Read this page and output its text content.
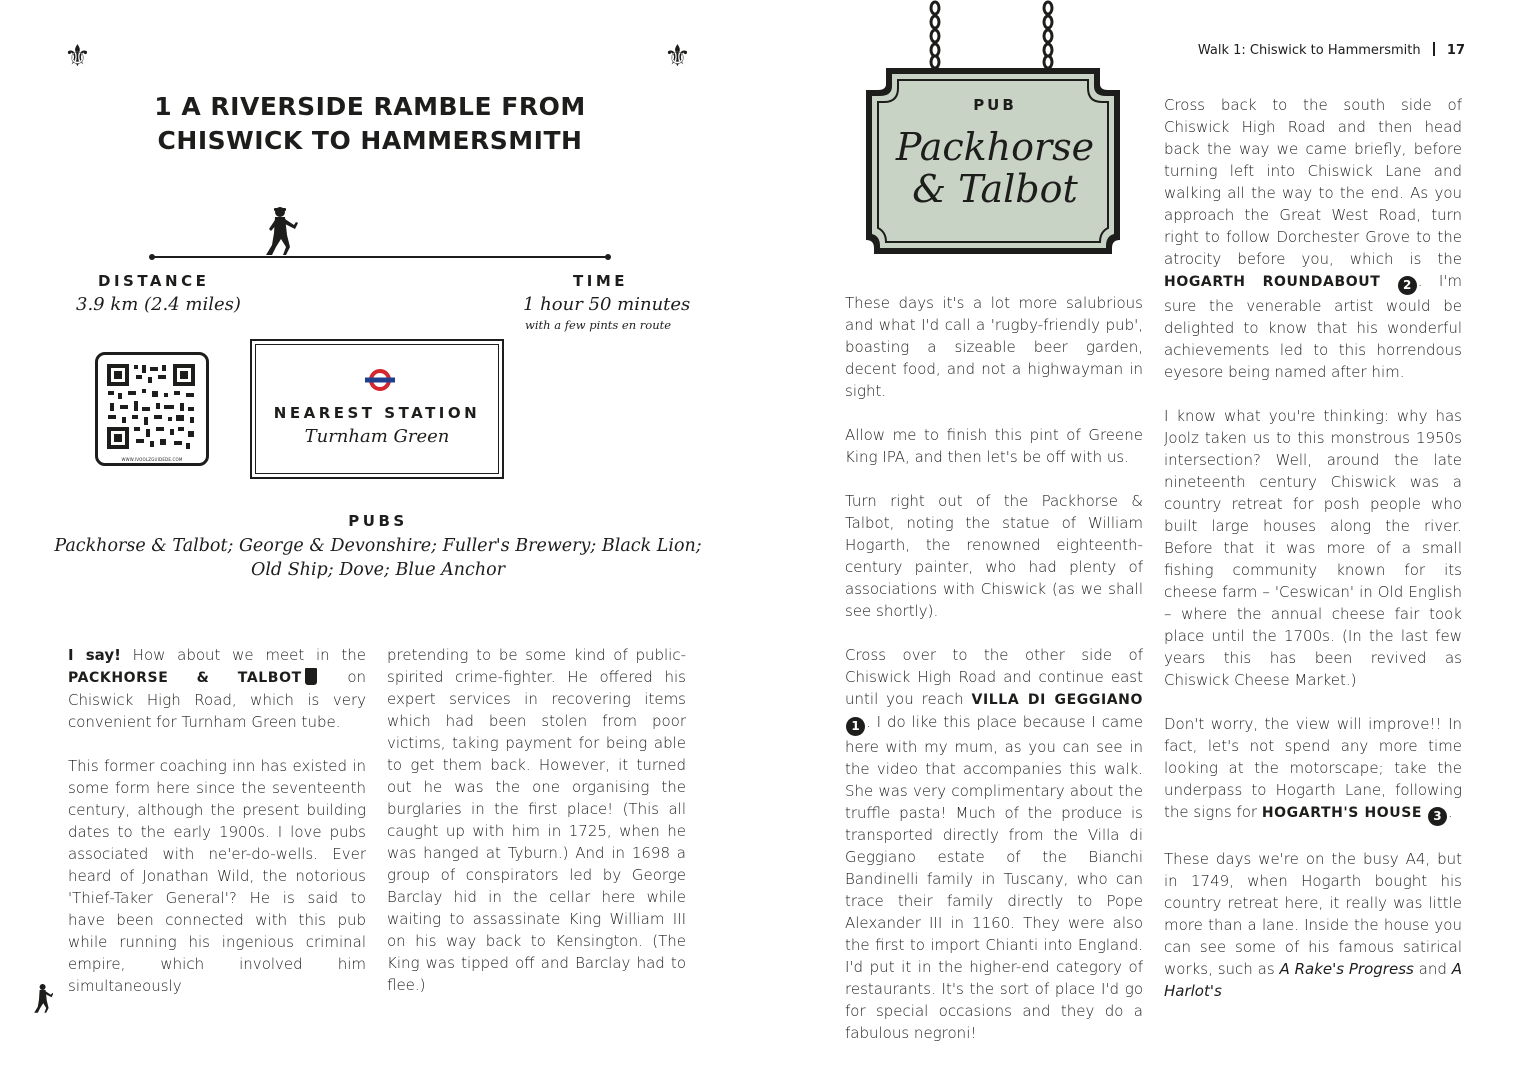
⚜	⚜
1 A RIVERSIDE RAMBLE FROM
CHISWICK TO HAMMERSMITH
DISTANCE
3.9 km (2.4 miles)
TIME
1 hour 50 minutes
with a few pints en route
WWW.IVOOLZGUIDEDE.COM
NEAREST STATION
Turnham Green
PUBS
Packhorse & Talbot; George & Devonshire; Fuller's Brewery; Black Lion;
Old Ship; Dove; Blue Anchor

I say! How about we meet in the PACKHORSE & TALBOT on Chiswick High Road, which is very convenient for Turnham Green tube.

This former coaching inn has existed in some form here since the seventeenth century, although the present building dates to the early 1900s. I love pubs associated with ne'er-do-wells. Ever heard of Jonathan Wild, the notorious 'Thief-Taker General'? He is said to have been connected with this pub while running his ingenious criminal empire, which involved him simultaneously

pretending to be some kind of public-spirited crime-fighter. He offered his expert services in recovering items which had been stolen from poor victims, taking payment for being able to get them back. However, it turned out he was the one organising the burglaries in the first place! (This all caught up with him in 1725, when he was hanged at Tyburn.) And in 1698 a group of conspirators led by George Barclay hid in the cellar here while waiting to assassinate King William III on his way back to Kensington. (The King was tipped off and Barclay had to flee.)

Walk 1: Chiswick to Hammersmith 17
PUB
Packhorse
& Talbot

These days it's a lot more salubrious and what I'd call a 'rugby-friendly pub', boasting a sizeable beer garden, decent food, and not a highwayman in sight.

Allow me to finish this pint of Greene King IPA, and then let's be off with us.

Turn right out of the Packhorse & Talbot, noting the statue of William Hogarth, the renowned eighteenth-century painter, who had plenty of associations with Chiswick (as we shall see shortly).

Cross over to the other side of Chiswick High Road and continue east until you reach VILLA DI GEGGIANO 1 . I do like this place because I came here with my mum, as you can see in the video that accompanies this walk. She was very complimentary about the truffle pasta! Much of the produce is transported directly from the Villa di Geggiano estate of the Bianchi Bandinelli family in Tuscany, who can trace their family directly to Pope Alexander III in 1160. They were also the first to import Chianti into England. I'd put it in the higher-end category of restaurants. It's the sort of place I'd go for special occasions and they do a fabulous negroni!

Cross back to the south side of Chiswick High Road and then head back the way we came briefly, before turning left into Chiswick Lane and walking all the way to the end. As you approach the Great West Road, turn right to follow Dorchester Grove to the atrocity before you, which is the HOGARTH ROUNDABOUT 2 . I'm sure the venerable artist would be delighted to know that his wonderful achievements led to this horrendous eyesore being named after him.

I know what you're thinking: why has Joolz taken us to this monstrous 1950s intersection? Well, around the late nineteenth century Chiswick was a country retreat for posh people who built large houses along the river. Before that it was more of a small fishing community known for its cheese farm – 'Ceswican' in Old English – where the annual cheese fair took place until the 1700s. (In the last few years this has been revived as Chiswick Cheese Market.)

Don't worry, the view will improve!! In fact, let's not spend any more time looking at the motorscape; take the underpass to Hogarth Lane, following the signs for HOGARTH'S HOUSE 3 .

These days we're on the busy A4, but in 1749, when Hogarth bought his country retreat here, it really was little more than a lane. Inside the house you can see some of his famous satirical works, such as A Rake's Progress and A Harlot's
